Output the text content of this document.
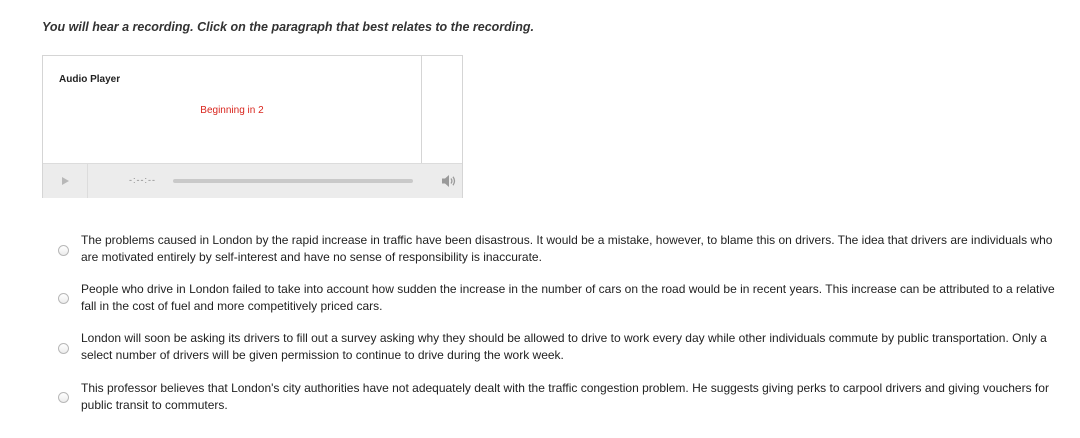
You will hear a recording. Click on the paragraph that best relates to the recording.
Audio Player
Beginning in 2
-:--:--
The problems caused in London by the rapid increase in traffic have been disastrous. It would be a mistake, however, to blame this on drivers. The idea that drivers are individuals who are motivated entirely by self-interest and have no sense of responsibility is inaccurate.
People who drive in London failed to take into account how sudden the increase in the number of cars on the road would be in recent years. This increase can be attributed to a relative fall in the cost of fuel and more competitively priced cars.
London will soon be asking its drivers to fill out a survey asking why they should be allowed to drive to work every day while other individuals commute by public transportation. Only a select number of drivers will be given permission to continue to drive during the work week.
This professor believes that London's city authorities have not adequately dealt with the traffic congestion problem. He suggests giving perks to carpool drivers and giving vouchers for public transit to commuters.
